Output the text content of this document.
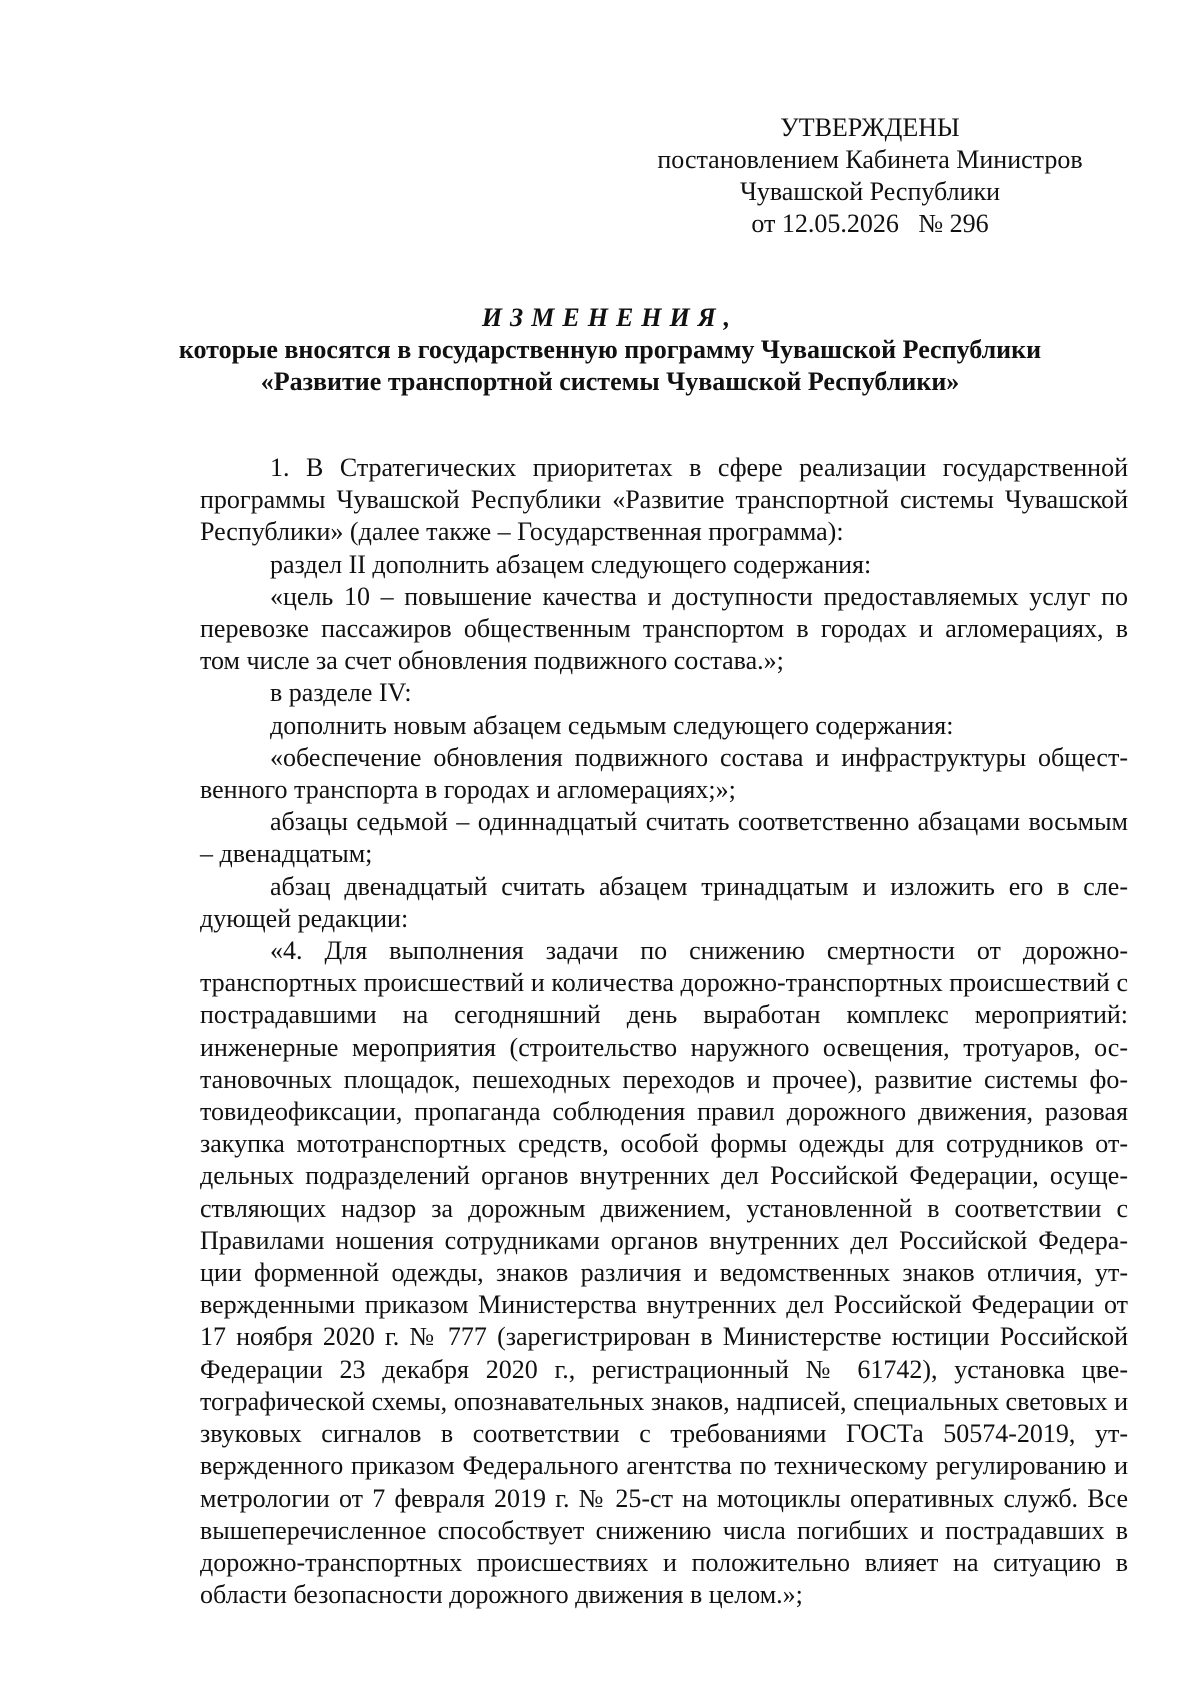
УТВЕРЖДЕНЫ
постановлением Кабинета Министров
Чувашской Республики
от 12.05.2026   № 296
ИЗМЕНЕНИЯ,
которые вносятся в государственную программу Чувашской Республики
«Развитие транспортной системы Чувашской Республики»

1. В Стратегических приоритетах в сфере реализации государственной программы Чувашской Республики «Развитие транспортной системы Чувашской Республики» (далее также – Государственная программа):

раздел II дополнить абзацем следующего содержания:

«цель 10 – повышение качества и доступности предоставляемых услуг по перевозке пассажиров общественным транспортом в городах и агломерациях, в том числе за счет обновления подвижного состава.»;

в разделе IV:

дополнить новым абзацем седьмым следующего содержания:

«обеспечение обновления подвижного состава и инфраструктуры общественного транспорта в городах и агломерациях;»;

абзацы седьмой – одиннадцатый считать соответственно абзацами восьмым – двенадцатым;

абзац двенадцатый считать абзацем тринадцатым и изложить его в следующей редакции:

«4. Для выполнения задачи по снижению смертности от дорожно-транспортных происшествий и количества дорожно-транспортных происшествий с пострадавшими на сегодняшний день выработан комплекс мероприятий: инженерные мероприятия (строительство наружного освещения, тротуаров, остановочных площадок, пешеходных переходов и прочее), развитие системы фотовидеофиксации, пропаганда соблюдения правил дорожного движения, разовая закупка мототранспортных средств, особой формы одежды для сотрудников отдельных подразделений органов внутренних дел Российской Федерации, осуществляющих надзор за дорожным движением, установленной в соответствии с Правилами ношения сотрудниками органов внутренних дел Российской Федерации форменной одежды, знаков различия и ведомственных знаков отличия, утвержденными приказом Министерства внутренних дел Российской Федерации от 17 ноября 2020 г. № 777 (зарегистрирован в Министерстве юстиции Российской Федерации 23 декабря 2020 г., регистрационный № 61742), установка цветографической схемы, опознавательных знаков, надписей, специальных световых и звуковых сигналов в соответствии с требованиями ГОСТа 50574-2019, утвержденного приказом Федерального агентства по техническому регулированию и метрологии от 7 февраля 2019 г. № 25-ст на мотоциклы оперативных служб. Все вышеперечисленное способствует снижению числа погибших и пострадавших в дорожно-транспортных происшествиях и положительно влияет на ситуацию в области безопасности дорожного движения в целом.»;
